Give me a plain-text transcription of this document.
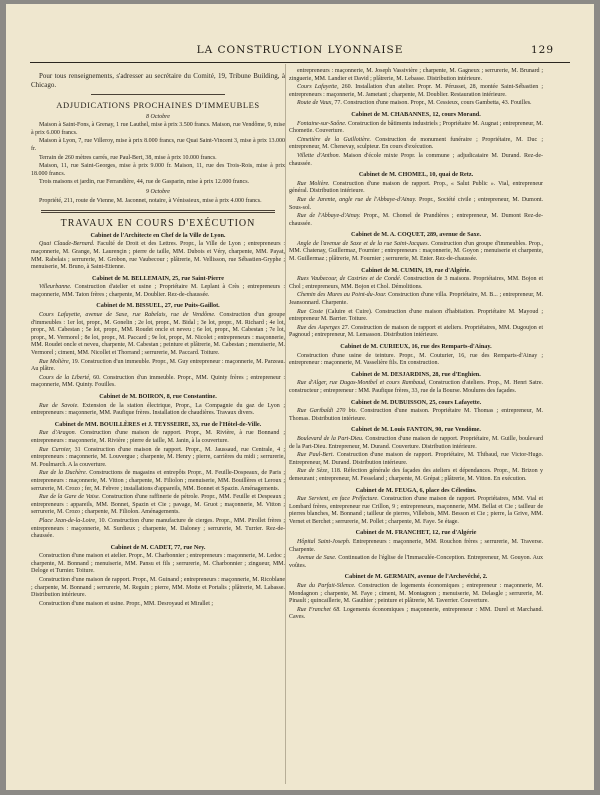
LA CONSTRUCTION LYONNAISE	129

Pour tous renseignements, s'adresser au secrétaire du Comité, 19, Tribune Building, à Chicago.

ADJUDICATIONS PROCHAINES D'IMMEUBLES
8 Octobre

Maison à Saint-Fons, à Grenay, 1 rue Lauthel, mise à prix 3.500 francs. Maison, rue Vendôme, 9, mise à prix 6.000 francs.

Maison à Lyon, 7, rue Villeroy, mise à prix 8.000 francs, rue Quai Saint-Vincent 3, mise à prix 13.000 fr.

Terrain de 260 mètres carrés, rue Paul-Bert, 38, mise à prix 10.000 francs.

Maison, 11, rue Saint-Georges, mise à prix 9.000 fr. Maison, 11, rue des Trois-Rois, mise à prix 18.000 francs.

Trois maisons et jardin, rue Ferrandière, 44, rue de Gasparin, mise à prix 12.000 francs.

9 Octobre

Propriété, 211, route de Vienne, M. Jaconnet, notaire, à Vénissieux, mise à prix 4.000 francs.

TRAVAUX EN COURS D'EXÉCUTION
Cabinet de l'Architecte en Chef de la Ville de Lyon.

Quai Claude-Bernard. Faculté de Droit et des Lettres. Propr., la Ville de Lyon ; entrepreneurs : maçonnerie, M. Grange, M. Laurençin ; pierre de taille, MM. Dubois et Véry, charpente, MM. Payat, MM. Rabelais ; serrurerie, M. Grobon, rue Vaubecour ; plâtrerie, M. Vellisson, rue Sébastien-Gryphe ; menuiserie, M. Bruno, à Saint-Etienne.

Cabinet de M. BELLEMAIN, 25, rue Saint-Pierre

Villeurbanne. Construction d'atelier et usine ; Propriétaire M. Leplant à Crès ; entrepreneurs : maçonnerie, MM. Taton frères ; charpente, M. Doublier. Rez-de-chaussée.

Cabinet de M. BISSUEL, 27, rue Puits-Gaillot.

Cours Lafayette, avenue de Saxe, rue Rabelais, rue de Vendôme. Construction d'un groupe d'immeubles : 1er lot, propr., M. Gonelin ; 2e lot, propr., M. Bidal ; 3e lot, propr., M. Richard ; 4e lot, propr., M. Cabestan ; 5e lot, propr., MM. Roudet oncle et neveu ; 6e lot, propr., M. Cabestan ; 7e lot, propr., M. Vermorel ; 8e lot, propr., M. Paccard ; 9e lot, propr., M. Nicolet ; entrepreneurs : maçonnerie, MM. Roudet oncle et neveu, charpente, M. Cabestan ; peinture et plâtrerie, M. Cabestan ; menuiserie, M. Vermorel ; ciment, MM. Nicollet et Thorrand ; serrurerie, M. Paccard. Toiture.

Rue Molière, 19. Construction d'un immeuble. Propr., M. Guy entrepreneur : maçonnerie, M. Parzeau. Au plâtre.

Cours de la Liberté, 60. Construction d'un immeuble. Propr., MM. Quinty frères ; entrepreneur : maçonnerie, MM. Quinty. Fouilles.

Cabinet de M. BOIRON, 8, rue Constantine.

Rue de Savoie. Extension de la station électrique, Propr., La Compagnie du gaz de Lyon ; entrepreneurs : maçonnerie, MM. Paufique frères. Installation de chaudières. Travaux divers.

Cabinet de MM. BOUILLÈRES et J. TEYSSEIRE, 33, rue de l'Hôtel-de-Ville.

Rue d'Aragon. Construction d'une maison de rapport. Propr., M. Rivière, à rue Bonnand ; entrepreneurs : maçonnerie, M. Rivière ; pierre de taille, M. Janin, à la couverture.

Rue Curnier, 31 Construction d'une maison de rapport. Propr., M. Jaussaud, rue Centrale, 4 ; entrepreneurs : maçonnerie, M. Louvergue ; charpente, M. Henry ; pierre, carrières du midi ; serrurerie, M. Poulmarch. A la couverture.

Rue de la Duchère. Constructions de magasins et entrepôts Propr., M. Feuille-Dospeaux, de Paris ; entrepreneurs : maçonnerie, M. Vitton ; charpente, M. Filiolon ; menuiserie, MM. Bouillères et Leroux ; serrurerie, M. Crozo ; fer, M. Febvre ; installations d'appareils, MM. Bonnet et Spazin. Aménagements.

Rue de la Gare de Vaise. Construction d'une raffinerie de pétrole. Propr., MM. Feuille et Despeaux ; entrepreneurs : appareils, MM. Bonnet, Spazin et Cie ; pavage, M. Gruot ; maçonnerie, M. Vitton ; serrurerie, M. Crozo ; charpente, M. Filiolon. Aménagements.

Place Jean-de-la-Loire, 10. Construction d'une manufacture de cierges. Propr., MM. Pirollet frères ; entrepreneurs : maçonnerie, M. Surdieux ; charpente, M. Daloney ; serrurerie, M. Turrier. Rez-de-chaussée.

Cabinet de M. CADET, 77, rue Ney.

Construction d'une maison et atelier. Propr., M. Charbonnier ; entrepreneurs : maçonnerie, M. Ledoc ; charpente, M. Bonnand ; menuiserie, MM. Pansu et fils ; serrurerie, M. Charbonnier ; zingueur, MM. Deloge et Turnier. Toiture.

Construction d'une maison de rapport. Propr., M. Guinand ; entrepreneurs : maçonnerie, M. Ricoblane ; charpente, M. Bonnand ; serrurerie, M. Reguin ; pierre, MM. Motte et Portalis ; plâtrerie, M. Labasse. Distribution intérieure.

Construction d'une maison et usine. Propr., MM. Desroyaud et Mirallet ;

entrepreneurs : maçonnerie, M. Joseph Vassivière ; charpente, M. Gagneux ; serrurerie, M. Brunard ; zinguerie, MM. Landier et David ; plâtrerie, M. Lebasse. Distribution intérieure.

Cours Lafayette, 260. Installation d'un atelier. Propr. M. Pérusset, 28, montée Saint-Sébastien ; entrepreneurs : maçonnerie, M. Jametant ; charpente, M. Doublier. Restauration intérieure.

Route de Vaux, 77. Construction d'une maison. Propr., M. Cessieux, cours Gambetta, 43. Fouilles.

Cabinet de M. CHABANNES, 12, cours Morand.

Fontaine-sur-Saône. Construction de bâtiments industriels ; Propriétaire M. Augnat ; entrepreneur, M. Chometie. Couverture.

Cimetière de la Guillotière. Construction de monument funéraire ; Propriétaire, M. Duc ; entrepreneur, M. Chenevay, sculpteur. En cours d'exécution.

Villette d'Anthon. Maison d'école mixte Propr. la commune ; adjudicataire M. Durand. Rez-de-chaussée.

Cabinet de M. CHOMEL, 10, quai de Retz.

Rue Molière. Construction d'une maison de rapport. Prop., « Salut Public ». Vial, entrepreneur général. Distribution intérieure.

Rue de Jarente, angle rue de l'Abbaye-d'Ainay. Propr., Société civile ; entrepreneur, M. Dumont. Sous-sol.

Rue de l'Abbaye-d'Ainay. Propr., M. Chomel de Prandières ; entrepreneur, M. Dumont Rez-de-chaussée.

Cabinet de M. A. COQUET, 289, avenue de Saxe.

Angle de l'avenue de Saxe et de la rue Saint-Jacques. Construction d'un groupe d'immeubles. Prop., MM. Chatenay, Guillermaz, Fournier ; entrepreneurs : maçonnerie, M. Goyon ; menuiserie et charpente, M. Guillermaz ; plâtrerie, M. Fournier ; serrurerie, M. Enier. Rez-de-chaussée.

Cabinet de M. CUMIN, 19, rue d'Algérie.

Rues Vaubecour, de Castries et de Condé. Construction de 3 maisons. Propriétaires, MM. Bojon et Chol ; entrepreneurs, MM. Bojon et Chol. Démolitions.

Chemin des Mures au Point-du-Jour. Construction d'une villa. Propriétaire, M. B... ; entrepreneur, M. Jeansonnard. Charpente.

Rue Coste (Caluire et Cuire). Construction d'une maison d'habitation. Propriétaire M. Mayoud ; entrepreneur M. Barrier. Toiture.

Rue des Asperges 27. Construction de maison de rapport et ateliers. Propriétaires, MM. Dugoujon et Pagnoud ; entrepreneur, M. Lemasson. Distribution intérieure.

Cabinet de M. CURIEUX, 16, rue des Remparts-d'Ainay.

Construction d'une usine de teinture. Propr., M. Couturier, 16, rue des Remparts-d'Ainay ; entrepreneur : maçonnerie, M. Vasselière fils. En construction.

Cabinet de M. DESJARDINS, 28, rue d'Enghien.

Rue d'Alger, rue Dugas-Montbel et cours Rambaud, Construction d'ateliers. Prop., M. Henri Satre. constructeur ; entrepreneur : MM. Paufique frères, 33, rue de la Bourse. Moulures des façades.

Cabinet de M. DUBUISSON, 25, cours Lafayette.

Rue Garibaldi 270 bis. Construction d'une maison. Propriétaire M. Thomas ; entrepreneur, M. Thomas. Distribution intérieure.

Cabinet de M. Louis FANTON, 90, rue Vendôme.

Boulevard de la Part-Dieu. Construction d'une maison de rapport. Propriétaire, M. Guille, boulevard de la Part-Dieu. Entrepreneur, M. Durand. Couverture. Distribution intérieure.

Rue Paul-Bert. Construction d'une maison de rapport. Propriétaire, M. Thibaud, rue Victor-Hugo. Entrepreneur, M. Durand. Distribution intérieure.

Rue de Sèze, 118. Réfection générale des façades des ateliers et dépendances. Propr., M. Brizon y demeurant ; entrepreneur, M. Fesseland ; charpente, M. Grépat ; plâtrerie, M. Vitton. En exécution.

Cabinet de M. FEUGA, 6, place des Célestins.

Rue Servient, en face Préfecture. Construction d'une maison de rapport. Propriétaires, MM. Vial et Lombard frères, entrepreneur rue Crillon, 9 ; entrepreneurs, maçonnerie, MM. Bellat et Cie ; tailleur de pierres blanches, M. Bonnand ; tailleur de pierres, Villebois, MM. Besson et Cie ; pierre, la Grive, MM. Vernet et Berchet ; serrurerie, M. Pollet ; charpente, M. Faye. 5e étage.

Cabinet de M. FRANCHET, 12, rue d'Algérie

Hôpital Saint-Joseph. Entrepreneurs : maçonnerie, MM. Rouchon frères ; serrurerie, M. Traverse. Charpente.

Avenue de Saxe. Continuation de l'église de l'Immaculée-Conception. Entrepreneur, M. Gouyon. Aux voûtes.

Cabinet de M. GERMAIN, avenue de l'Archevêché, 2.

Rue du Parfait-Silence. Construction de logements économiques ; entrepreneur : maçonnerie, M. Mondagnon ; charpente, M. Faye ; ciment, M. Montagnon ; menuiserie, M. Delasgle ; serrurerie, M. Pinault ; quincaillerie, M. Gauthier ; peinture et plâtrerie, M. Taverrier. Couverture.

Rue Franchet 68. Logements économiques ; maçonnerie, entrepreneur : MM. Durel et Marchand. Caves.
